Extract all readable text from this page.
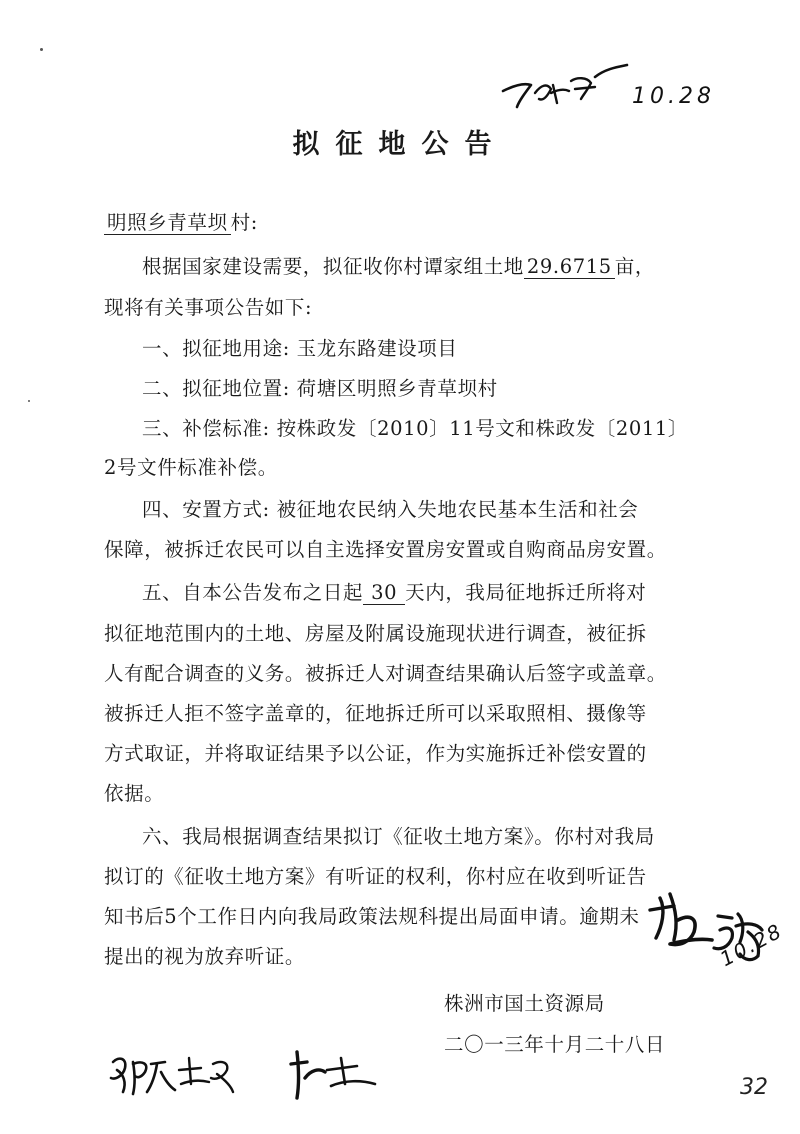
10.28
拟征地公告
明照乡青草坝 村:
根据国家建设需要，拟征收你村谭家组土地 29.6715 亩，
现将有关事项公告如下:
一、拟征地用途: 玉龙东路建设项目
二、拟征地位置: 荷塘区明照乡青草坝村
三、补偿标准: 按株政发〔2010〕11号文和株政发〔2011〕
2号文件标准补偿。
四、安置方式: 被征地农民纳入失地农民基本生活和社会
保障，被拆迁农民可以自主选择安置房安置或自购商品房安置。
五、自本公告发布之日起 30 天内，我局征地拆迁所将对
拟征地范围内的土地、房屋及附属设施现状进行调查，被征拆
人有配合调查的义务。被拆迁人对调查结果确认后签字或盖章。
被拆迁人拒不签字盖章的，征地拆迁所可以采取照相、摄像等
方式取证，并将取证结果予以公证，作为实施拆迁补偿安置的
依据。
六、我局根据调查结果拟订《征收土地方案》。你村对我局
拟订的《征收土地方案》有听证的权利，你村应在收到听证告
知书后5个工作日内向我局政策法规科提出局面申请。逾期未
提出的视为放弃听证。
株洲市国土资源局
二〇一三年十月二十八日
10.28
32
